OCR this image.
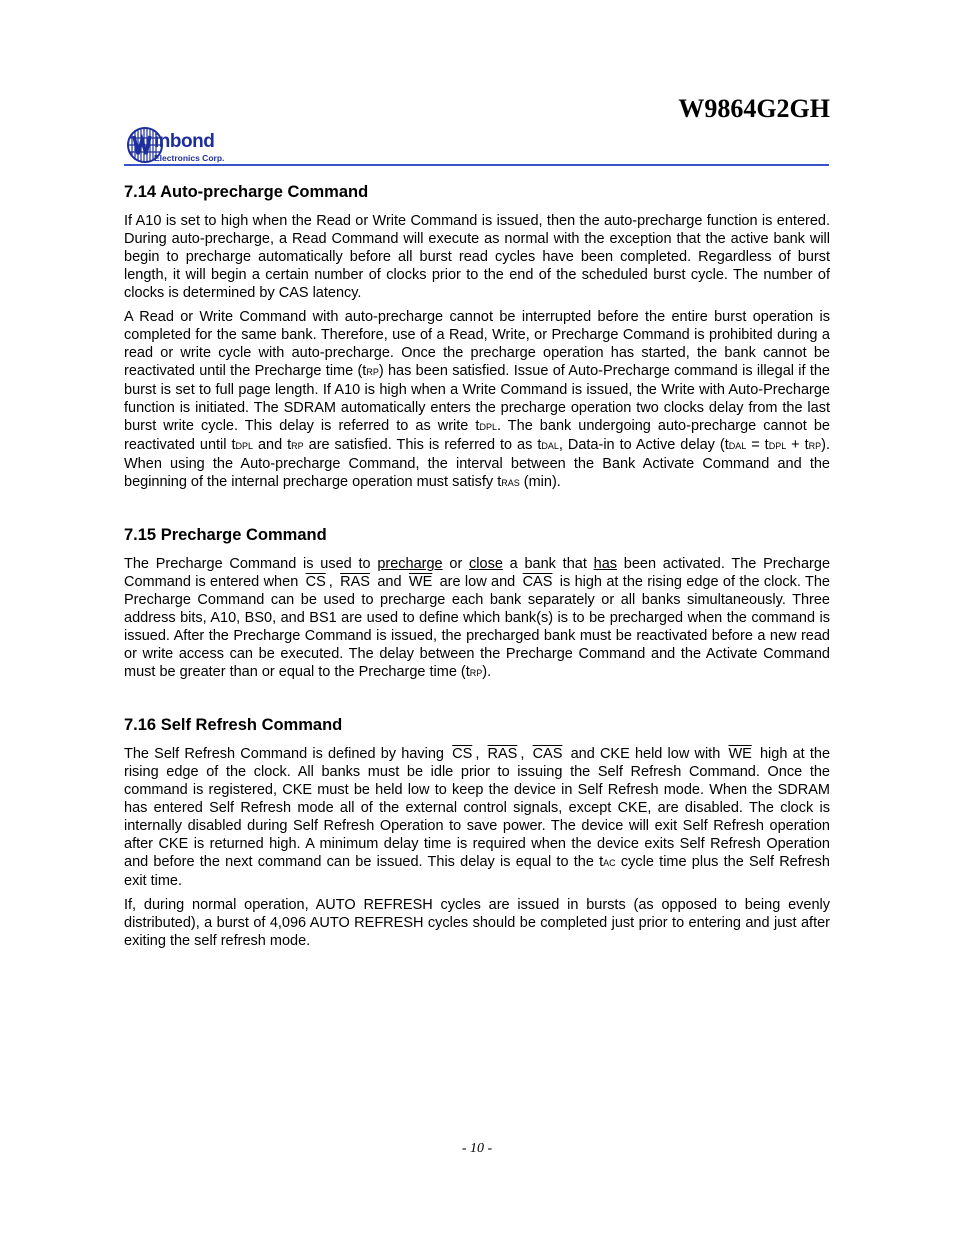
W9864G2GH
inbond
Electronics Corp.
7.14 Auto-precharge Command

If A10 is set to high when the Read or Write Command is issued, then the auto-precharge function is entered. During auto-precharge, a Read Command will execute as normal with the exception that the active bank will begin to precharge automatically before all burst read cycles have been completed. Regardless of burst length, it will begin a certain number of clocks prior to the end of the scheduled burst cycle. The number of clocks is determined by CAS latency.

A Read or Write Command with auto-precharge cannot be interrupted before the entire burst operation is completed for the same bank. Therefore, use of a Read, Write, or Precharge Command is prohibited during a read or write cycle with auto-precharge. Once the precharge operation has started, the bank cannot be reactivated until the Precharge time (tRP) has been satisfied. Issue of Auto-Precharge command is illegal if the burst is set to full page length. If A10 is high when a Write Command is issued, the Write with Auto-Precharge function is initiated. The SDRAM automatically enters the precharge operation two clocks delay from the last burst write cycle. This delay is referred to as write tDPL. The bank undergoing auto-precharge cannot be reactivated until tDPL and tRP are satisfied. This is referred to as tDAL, Data-in to Active delay (tDAL = tDPL + tRP). When using the Auto-precharge Command, the interval between the Bank Activate Command and the beginning of the internal precharge operation must satisfy tRAS (min).

7.15 Precharge Command

The Precharge Command is used to precharge or close a bank that has been activated. The Precharge Command is entered when $\overline{CS}$ , $\overline{RAS}$ and $\overline{WE}$ are low and $\overline{CAS}$ is high at the rising edge of the clock. The Precharge Command can be used to precharge each bank separately or all banks simultaneously. Three address bits, A10, BS0, and BS1 are used to define which bank(s) is to be precharged when the command is issued. After the Precharge Command is issued, the precharged bank must be reactivated before a new read or write access can be executed. The delay between the Precharge Command and the Activate Command must be greater than or equal to the Precharge time (tRP).

7.16 Self Refresh Command

The Self Refresh Command is defined by having $\overline{CS}$ , $\overline{RAS}$ , $\overline{CAS}$ and CKE held low with $\overline{WE}$ high at the rising edge of the clock. All banks must be idle prior to issuing the Self Refresh Command. Once the command is registered, CKE must be held low to keep the device in Self Refresh mode. When the SDRAM has entered Self Refresh mode all of the external control signals, except CKE, are disabled. The clock is internally disabled during Self Refresh Operation to save power. The device will exit Self Refresh operation after CKE is returned high. A minimum delay time is required when the device exits Self Refresh Operation and before the next command can be issued. This delay is equal to the tAC cycle time plus the Self Refresh exit time.

If, during normal operation, AUTO REFRESH cycles are issued in bursts (as opposed to being evenly distributed), a burst of 4,096 AUTO REFRESH cycles should be completed just prior to entering and just after exiting the self refresh mode.

- 10 -
